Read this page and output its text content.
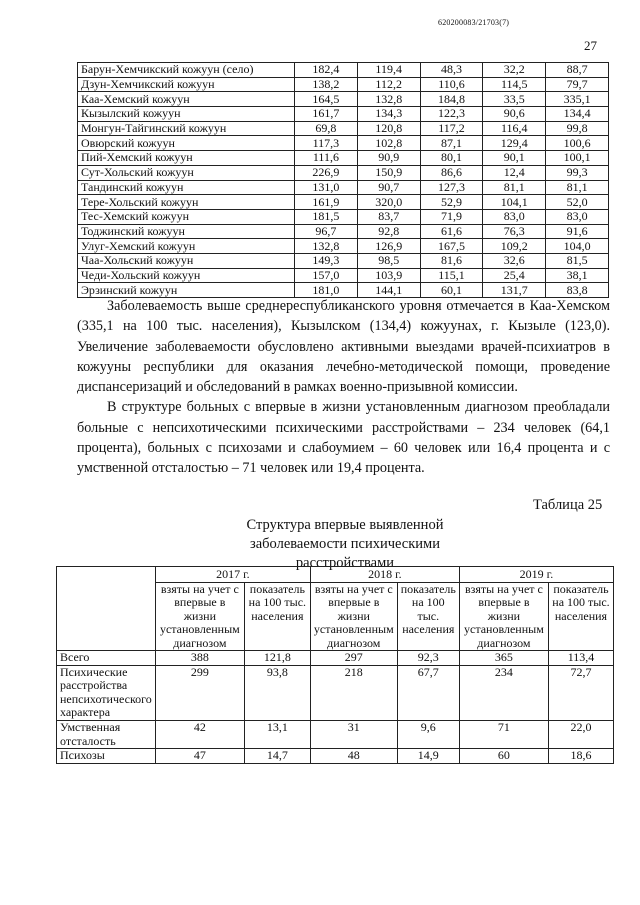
620200083/21703(7)
27
Барун-Хемчикский кожуун (село)	182,4	119,4	48,3	32,2	88,7
Дзун-Хемчикский кожуун	138,2	112,2	110,6	114,5	79,7
Каа-Хемский кожуун	164,5	132,8	184,8	33,5	335,1
Кызылский кожуун	161,7	134,3	122,3	90,6	134,4
Монгун-Тайгинский кожуун	69,8	120,8	117,2	116,4	99,8
Овюрский кожуун	117,3	102,8	87,1	129,4	100,6
Пий-Хемский кожуун	111,6	90,9	80,1	90,1	100,1
Сут-Хольский кожуун	226,9	150,9	86,6	12,4	99,3
Тандинский кожуун	131,0	90,7	127,3	81,1	81,1
Тере-Хольский кожуун	161,9	320,0	52,9	104,1	52,0
Тес-Хемский кожуун	181,5	83,7	71,9	83,0	83,0
Тоджинский кожуун	96,7	92,8	61,6	76,3	91,6
Улуг-Хемский кожуун	132,8	126,9	167,5	109,2	104,0
Чаа-Хольский кожуун	149,3	98,5	81,6	32,6	81,5
Чеди-Хольский кожуун	157,0	103,9	115,1	25,4	38,1
Эрзинский кожуун	181,0	144,1	60,1	131,7	83,8

Заболеваемость выше среднереспубликанского уровня отмечается в Каа-Хемском (335,1 на 100 тыс. населения), Кызылском (134,4) кожуунах, г. Кызыле (123,0). Увеличение заболеваемости обусловлено активными выездами врачей-психиатров в кожууны республики для оказания лечебно-методической помощи, проведение диспансеризаций и обследований в рамках военно-призывной комиссии.

В структуре больных с впервые в жизни установленным диагнозом преобладали больные с непсихотическими психическими расстройствами – 234 человек (64,1 процента), больных с психозами и слабоумием – 60 человек или 16,4 процента и с умственной отсталостью – 71 человек или 19,4 процента.

Таблица 25
Структура впервые выявленной
заболеваемости психическими расстройствами
	2017 г.		2018 г.		2019 г.	
	взяты на учет с впервые в жизни установленным диагнозом	показатель на 100 тыс. населения	взяты на учет с впервые в жизни установленным диагнозом	показатель на 100 тыс. населения	взяты на учет с впервые в жизни установленным диагнозом	показатель на 100 тыс. населения
Всего	388	121,8	297	92,3	365	113,4
Психические расстройства непсихотического характера	299	93,8	218	67,7	234	72,7
Умственная отсталость	42	13,1	31	9,6	71	22,0
Психозы	47	14,7	48	14,9	60	18,6
